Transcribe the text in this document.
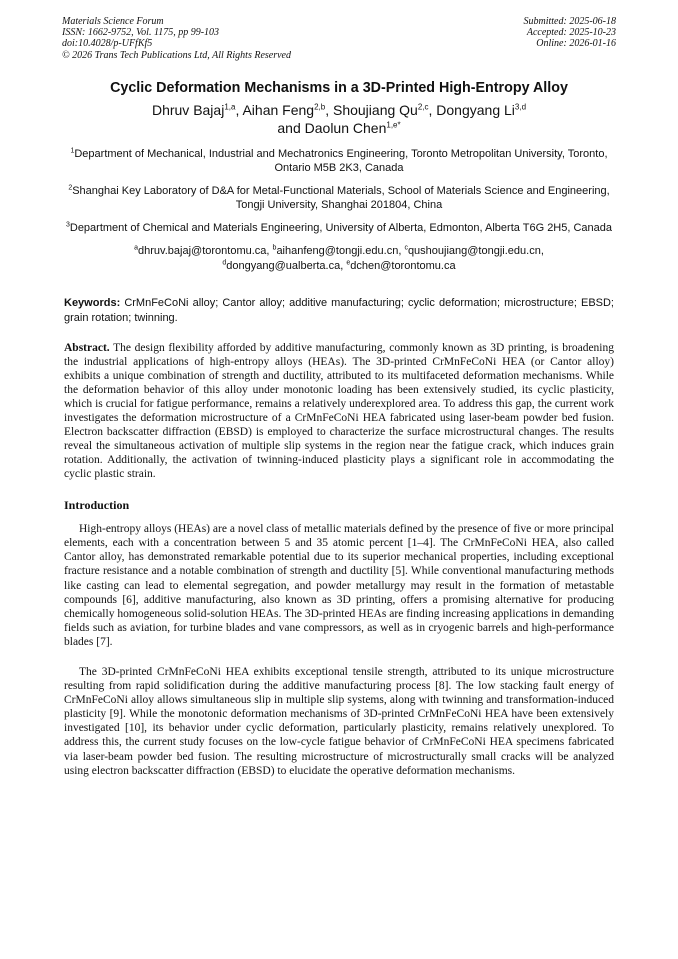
Materials Science Forum
ISSN: 1662-9752, Vol. 1175, pp 99-103
doi:10.4028/p-UFfKf5
© 2026 Trans Tech Publications Ltd, All Rights Reserved
Submitted: 2025-06-18
Accepted: 2025-10-23
Online: 2026-01-16
Cyclic Deformation Mechanisms in a 3D-Printed High-Entropy Alloy
Dhruv Bajaj$^{1,a}$, Aihan Feng$^{2,b}$, Shoujiang Qu$^{2,c}$, Dongyang Li$^{3,d}$
and Daolun Chen$^{1,e*}$
$^1$Department of Mechanical, Industrial and Mechatronics Engineering, Toronto Metropolitan University, Toronto, Ontario M5B 2K3, Canada
$^2$Shanghai Key Laboratory of D&A for Metal-Functional Materials, School of Materials Science and Engineering, Tongji University, Shanghai 201804, China
$^3$Department of Chemical and Materials Engineering, University of Alberta, Edmonton, Alberta T6G 2H5, Canada
$^a$dhruv.bajaj@torontomu.ca, $^b$aihanfeng@tongji.edu.cn, $^c$qushoujiang@tongji.edu.cn,
$^d$dongyang@ualberta.ca, $^e$dchen@torontomu.ca
Keywords: CrMnFeCoNi alloy; Cantor alloy; additive manufacturing; cyclic deformation; microstructure; EBSD; grain rotation; twinning.
Abstract. The design flexibility afforded by additive manufacturing, commonly known as 3D printing, is broadening the industrial applications of high-entropy alloys (HEAs). The 3D-printed CrMnFeCoNi HEA (or Cantor alloy) exhibits a unique combination of strength and ductility, attributed to its multifaceted deformation mechanisms. While the deformation behavior of this alloy under monotonic loading has been extensively studied, its cyclic plasticity, which is crucial for fatigue performance, remains a relatively underexplored area. To address this gap, the current work investigates the deformation microstructure of a CrMnFeCoNi HEA fabricated using laser-beam powder bed fusion. Electron backscatter diffraction (EBSD) is employed to characterize the surface microstructural changes. The results reveal the simultaneous activation of multiple slip systems in the region near the fatigue crack, which induces grain rotation. Additionally, the activation of twinning-induced plasticity plays a significant role in accommodating the cyclic plastic strain.
Introduction
High-entropy alloys (HEAs) are a novel class of metallic materials defined by the presence of five or more principal elements, each with a concentration between 5 and 35 atomic percent [1–4]. The CrMnFeCoNi HEA, also called Cantor alloy, has demonstrated remarkable potential due to its superior mechanical properties, including exceptional fracture resistance and a notable combination of strength and ductility [5]. While conventional manufacturing methods like casting can lead to elemental segregation, and powder metallurgy may result in the formation of metastable compounds [6], additive manufacturing, also known as 3D printing, offers a promising alternative for producing chemically homogeneous solid-solution HEAs. The 3D-printed HEAs are finding increasing applications in demanding fields such as aviation, for turbine blades and vane compressors, as well as in cryogenic barrels and high-performance blades [7].
The 3D-printed CrMnFeCoNi HEA exhibits exceptional tensile strength, attributed to its unique microstructure resulting from rapid solidification during the additive manufacturing process [8]. The low stacking fault energy of CrMnFeCoNi alloy allows simultaneous slip in multiple slip systems, along with twinning and transformation-induced plasticity [9]. While the monotonic deformation mechanisms of 3D-printed CrMnFeCoNi HEA have been extensively investigated [10], its behavior under cyclic deformation, particularly plasticity, remains relatively unexplored. To address this, the current study focuses on the low-cycle fatigue behavior of CrMnFeCoNi HEA specimens fabricated via laser-beam powder bed fusion. The resulting microstructure of microstructurally small cracks will be analyzed using electron backscatter diffraction (EBSD) to elucidate the operative deformation mechanisms.
